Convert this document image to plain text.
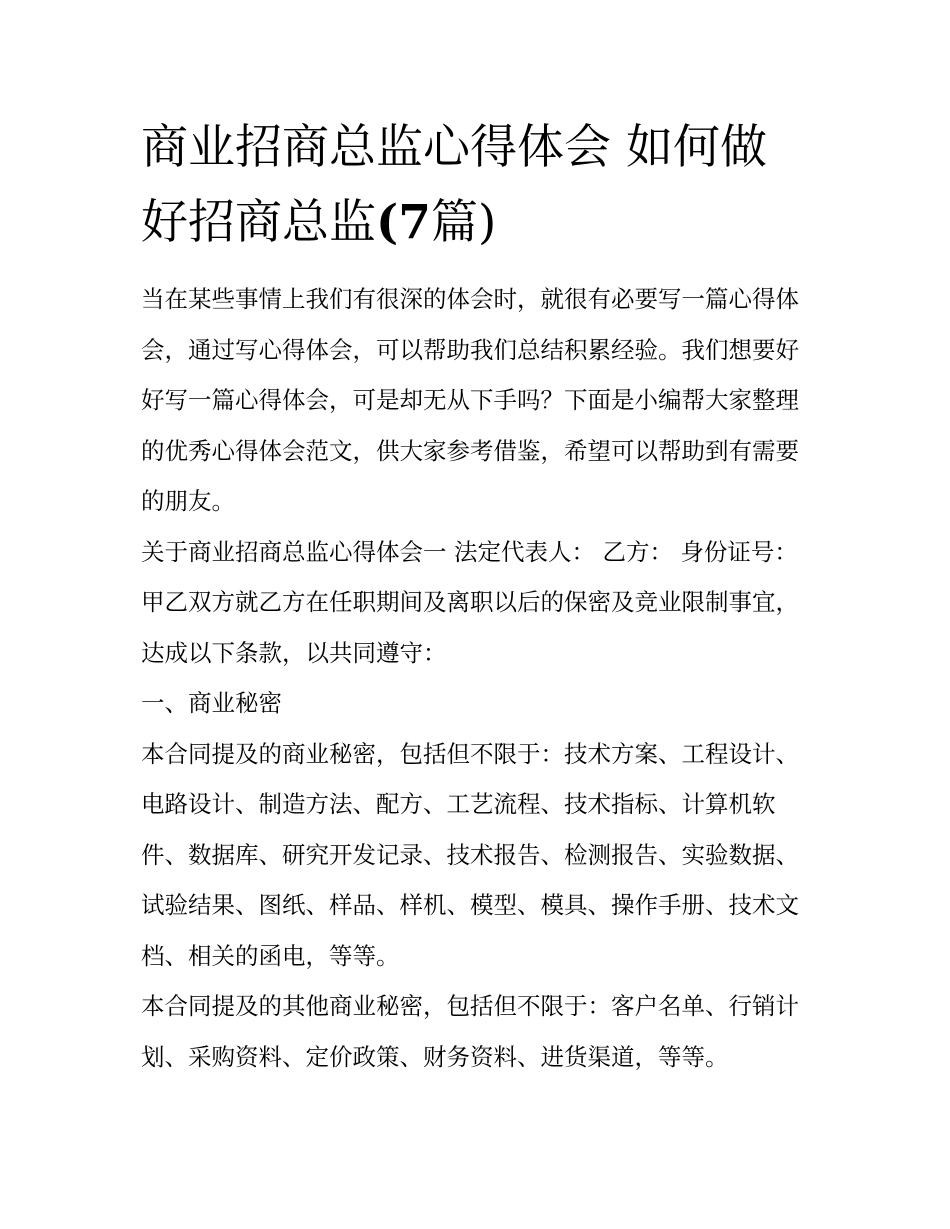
商业招商总监心得体会 如何做好招商总监(7篇)

当在某些事情上我们有很深的体会时，就很有必要写一篇心得体会，通过写心得体会，可以帮助我们总结积累经验。我们想要好好写一篇心得体会，可是却无从下手吗？下面是小编帮大家整理的优秀心得体会范文，供大家参考借鉴，希望可以帮助到有需要的朋友。

关于商业招商总监心得体会一 法定代表人： 乙方： 身份证号： 甲乙双方就乙方在任职期间及离职以后的保密及竞业限制事宜，达成以下条款，以共同遵守：

一、商业秘密

本合同提及的商业秘密，包括但不限于：技术方案、工程设计、电路设计、制造方法、配方、工艺流程、技术指标、计算机软件、数据库、研究开发记录、技术报告、检测报告、实验数据、试验结果、图纸、样品、样机、模型、模具、操作手册、技术文档、相关的函电，等等。

本合同提及的其他商业秘密，包括但不限于：客户名单、行销计划、采购资料、定价政策、财务资料、进货渠道，等等。
